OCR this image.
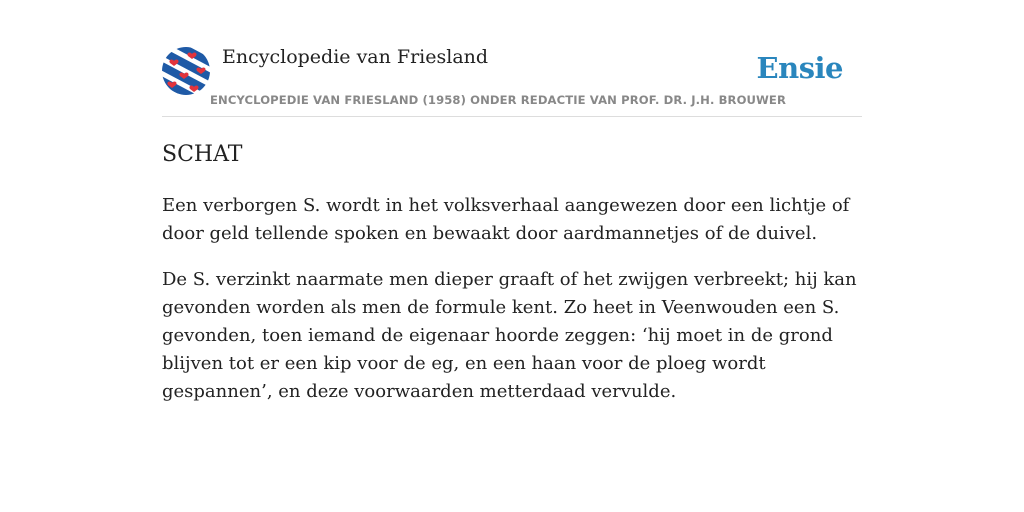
Encyclopedie van Friesland	Ensie
ENCYCLOPEDIE VAN FRIESLAND (1958) ONDER REDACTIE VAN PROF. DR. J.H. BROUWER
SCHAT

Een verborgen S. wordt in het volksverhaal aangewezen door een lichtje of door geld tellende spoken en bewaakt door aardmannetjes of de duivel.

De S. verzinkt naarmate men dieper graaft of het zwijgen verbreekt; hij kan gevonden worden als men de formule kent. Zo heet in Veenwouden een S. gevonden, toen iemand de eigenaar hoorde zeggen: ‘hij moet in de grond blijven tot er een kip voor de eg, en een haan voor de ploeg wordt gespannen’, en deze voorwaarden metterdaad vervulde.
